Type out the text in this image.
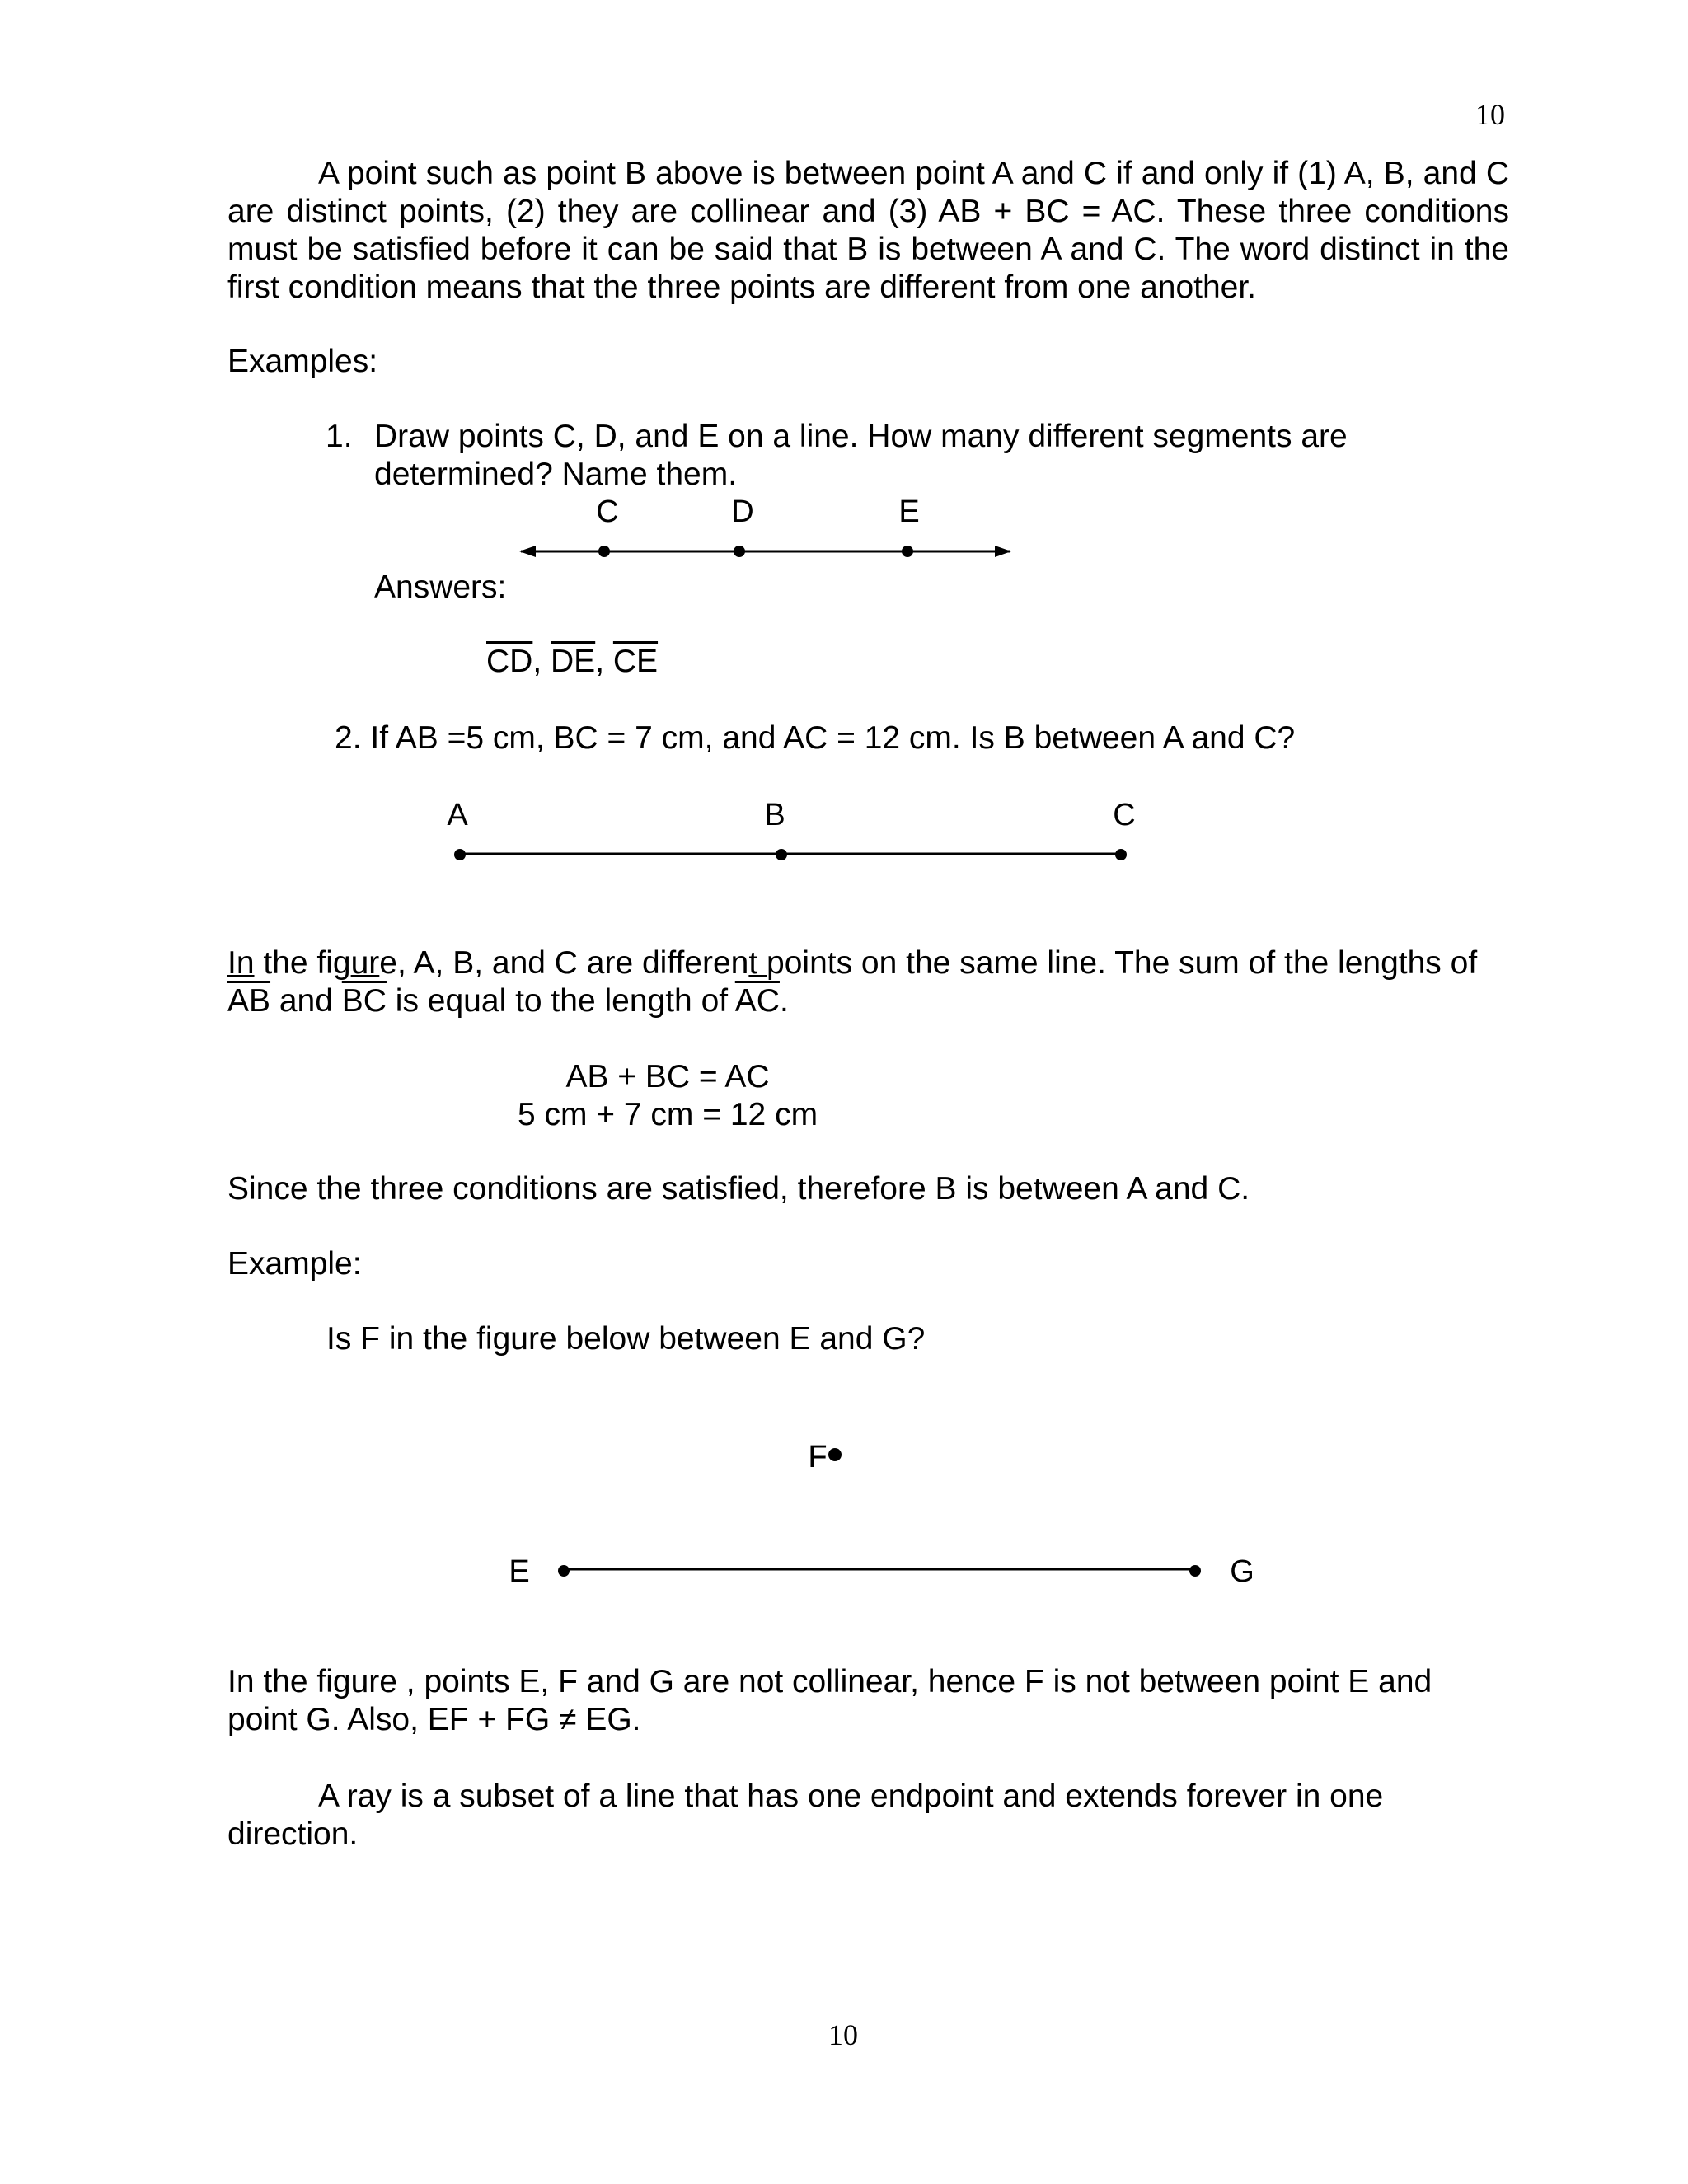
10
A point such as point B above is between point A and C if and only if (1) A, B, and C are distinct points, (2) they are collinear and (3) AB + BC = AC. These three conditions must be satisfied before it can be said that B is between A and C. The word distinct in the first condition means that the three points are different from one another.
Examples:
1. Draw points C, D, and E on a line. How many different segments are
determined? Name them.
C	D	E
A	B	C
F
E	G
Answers:
$\overline{CD}$, $\overline{DE}$, $\overline{CE}$
2. If AB =5 cm, BC = 7 cm, and AC = 12 cm. Is B between A and C?
In the figure, A, B, and C are different points on the same line. The sum of the lengths of
$\overline{AB}$ and $\overline{BC}$ is equal to the length of $\overline{AC}$.
AB + BC = AC
5 cm + 7 cm = 12 cm
Since the three conditions are satisfied, therefore B is between A and C.
Example:
Is F in the figure below between E and G?
In the figure , points E, F and G are not collinear, hence F is not between point E and
point G. Also, EF + FG ≠ EG.
A ray is a subset of a line that has one endpoint and extends forever in one
direction.
10
